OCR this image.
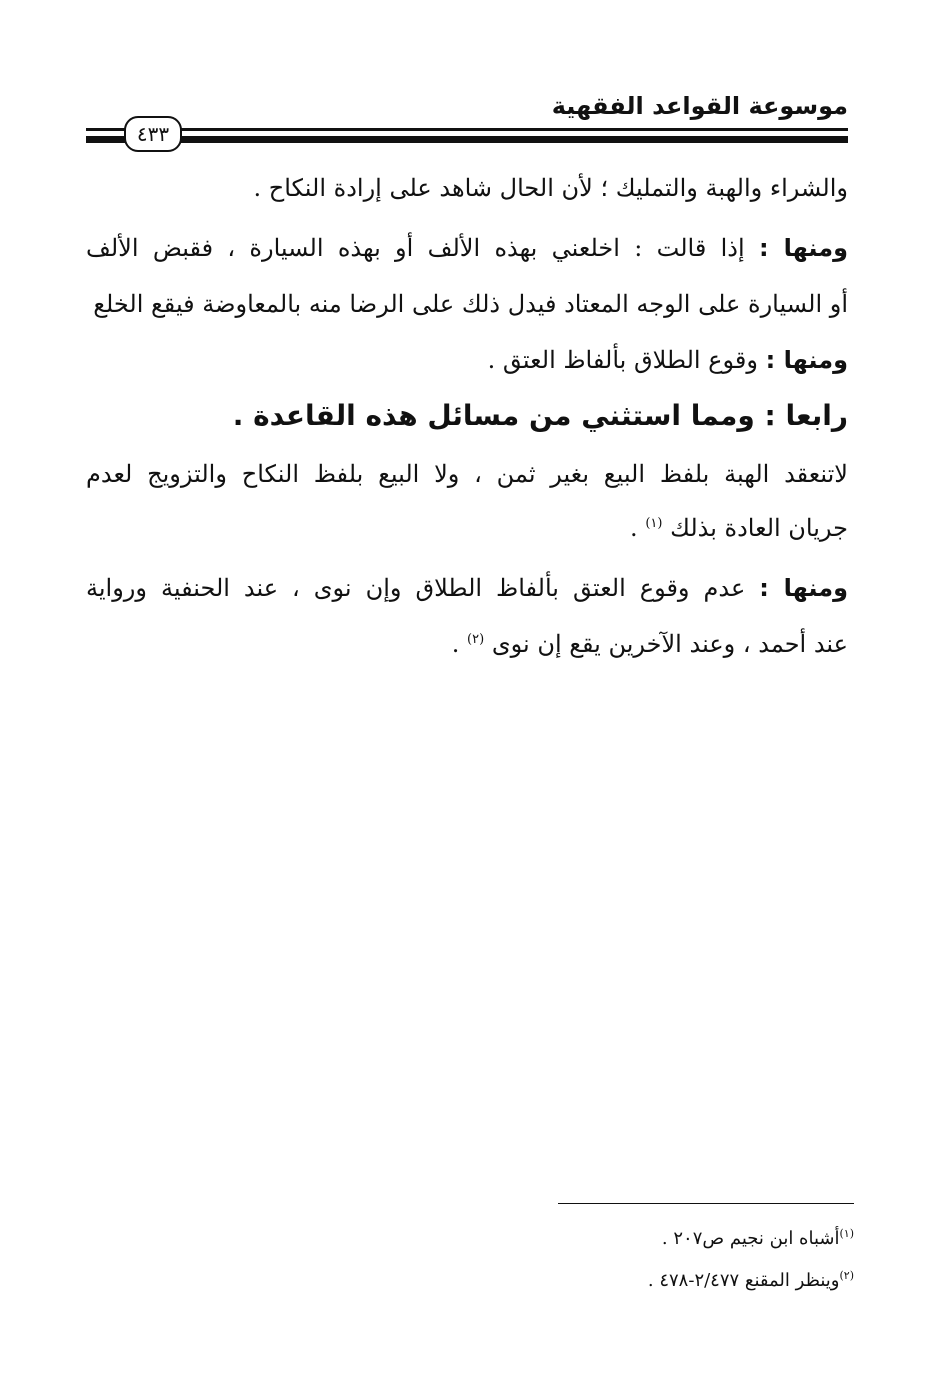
موسوعة القواعد الفقهية
٤٣٣
والشراء والهبة والتمليك ؛ لأن الحال شاهد على إرادة النكاح .
ومنها : إذا قالت : اخلعني بهذه الألف أو بهذه السيارة ، فقبض الألف
أو السيارة على الوجه المعتاد فيدل ذلك على الرضا منه بالمعاوضة فيقع الخلع
ومنها : وقوع الطلاق بألفاظ العتق .
رابعا : ومما استثني من مسائل هذه القاعدة .
لاتنعقد الهبة بلفظ البيع بغير ثمن ، ولا البيع بلفظ النكاح والتزويج لعدم
جريان العادة بذلك $^{(١)}$ .
ومنها : عدم وقوع العتق بألفاظ الطلاق وإن نوى ، عند الحنفية ورواية
عند أحمد ، وعند الآخرين يقع إن نوى $^{(٢)}$ .
$^{(١)}$أشباه ابن نجيم ص٢٠٧ .
$^{(٢)}$وينظر المقنع ٢/٤٧٧-٤٧٨ .
